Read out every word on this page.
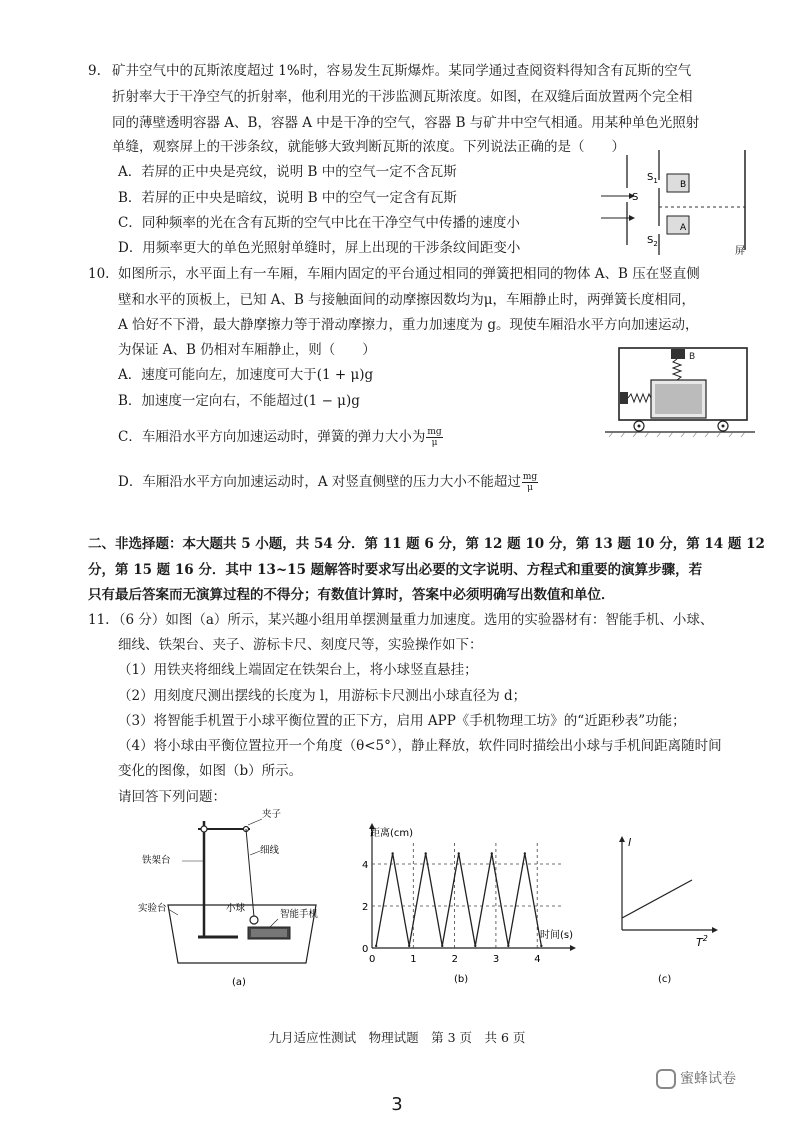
9. 矿井空气中的瓦斯浓度超过 1%时，容易发生瓦斯爆炸。某同学通过查阅资料得知含有瓦斯的空气
折射率大于干净空气的折射率，他利用光的干涉监测瓦斯浓度。如图，在双缝后面放置两个完全相
同的薄壁透明容器 A、B，容器 A 中是干净的空气，容器 B 与矿井中空气相通。用某种单色光照射
单缝，观察屏上的干涉条纹，就能够大致判断瓦斯的浓度。下列说法正确的是（　　）
A．若屏的正中央是亮纹，说明 B 中的空气一定不含瓦斯
B．若屏的正中央是暗纹，说明 B 中的空气一定含有瓦斯
C．同种频率的光在含有瓦斯的空气中比在干净空气中传播的速度小
D．用频率更大的单色光照射单缝时，屏上出现的干涉条纹间距变小
S
$S_1$
$S_2$
B
A
屏
10. 如图所示，水平面上有一车厢，车厢内固定的平台通过相同的弹簧把相同的物体 A、B 压在竖直侧
壁和水平的顶板上，已知 A、B 与接触面间的动摩擦因数均为μ，车厢静止时，两弹簧长度相同，
A 恰好不下滑，最大静摩擦力等于滑动摩擦力，重力加速度为 g。现使车厢沿水平方向加速运动，
为保证 A、B 仍相对车厢静止，则（　　）
A．速度可能向左，加速度可大于(1 + μ)g
B．加速度一定向右，不能超过(1 − μ)g
C．车厢沿水平方向加速运动时，弹簧的弹力大小为 $\frac{mg}{\mu}$
D．车厢沿水平方向加速运动时，A 对竖直侧壁的压力大小不能超过 $\frac{mg}{\mu}$
B
二、非选择题：本大题共 5 小题，共 54 分．第 11 题 6 分，第 12 题 10 分，第 13 题 10 分，第 14 题 12
分，第 15 题 16 分．其中 13~15 题解答时要求写出必要的文字说明、方程式和重要的演算步骤，若
只有最后答案而无演算过程的不得分；有数值计算时，答案中必须明确写出数值和单位．
11. （6 分）如图（a）所示，某兴趣小组用单摆测量重力加速度。选用的实验器材有：智能手机、小球、
细线、铁架台、夹子、游标卡尺、刻度尺等，实验操作如下：
（1）用铁夹将细线上端固定在铁架台上，将小球竖直悬挂；
（2）用刻度尺测出摆线的长度为 l，用游标卡尺测出小球直径为 d；
（3）将智能手机置于小球平衡位置的正下方，启用 APP《手机物理工坊》的“近距秒表”功能；
（4）将小球由平衡位置拉开一个角度（θ<5°），静止释放，软件同时描绘出小球与手机间距离随时间
变化的图像，如图（b）所示。
请回答下列问题：
夹子
铁架台
细线
小球
实验台
智能手机
(a)
0
2
4
0	1	2	3	4
距离(cm)
时间(s)
(b)
l
$T^2$
(c)
九月适应性测试　物理试题　第 3 页　共 6 页
蜜蜂试卷
3
